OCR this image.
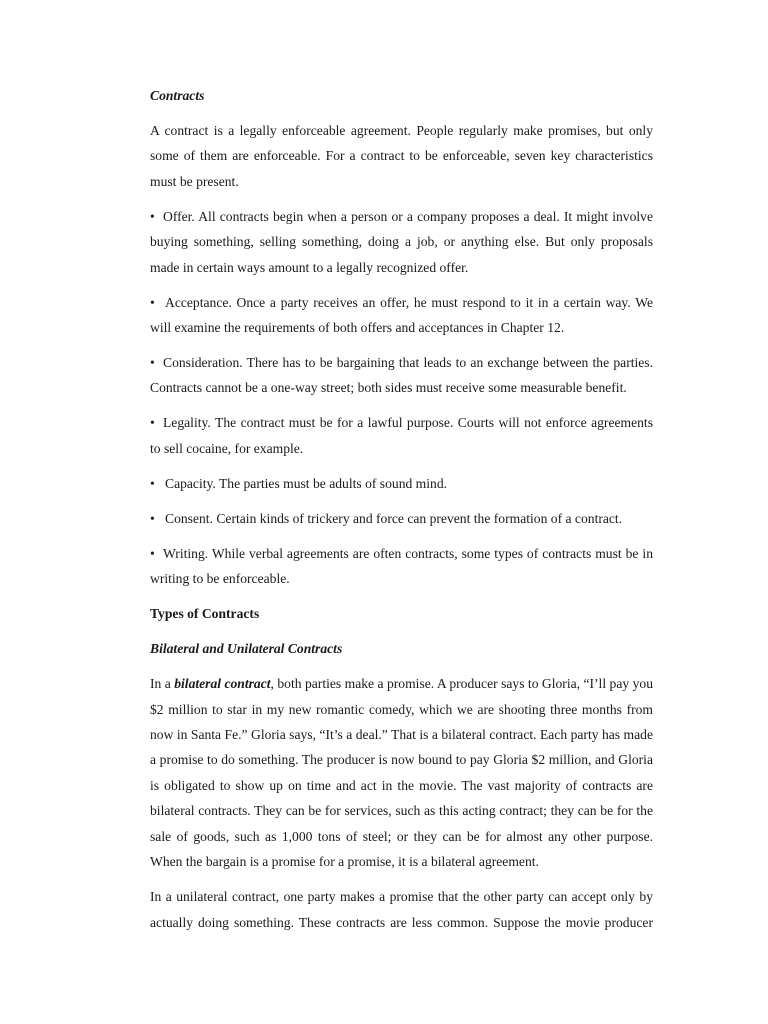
Contracts

A contract is a legally enforceable agreement. People regularly make promises, but only some of them are enforceable. For a contract to be enforceable, seven key characteristics must be present.

• Offer. All contracts begin when a person or a company proposes a deal. It might involve buying something, selling something, doing a job, or anything else. But only proposals made in certain ways amount to a legally recognized offer.

• Acceptance. Once a party receives an offer, he must respond to it in a certain way. We will examine the requirements of both offers and acceptances in Chapter 12.

• Consideration. There has to be bargaining that leads to an exchange between the parties. Contracts cannot be a one-way street; both sides must receive some measurable benefit.

• Legality. The contract must be for a lawful purpose. Courts will not enforce agreements to sell cocaine, for example.

• Capacity. The parties must be adults of sound mind.

• Consent. Certain kinds of trickery and force can prevent the formation of a contract.

• Writing. While verbal agreements are often contracts, some types of contracts must be in writing to be enforceable.

Types of Contracts

Bilateral and Unilateral Contracts

In a bilateral contract, both parties make a promise. A producer says to Gloria, “I’ll pay you $2 million to star in my new romantic comedy, which we are shooting three months from now in Santa Fe.” Gloria says, “It’s a deal.” That is a bilateral contract. Each party has made a promise to do something. The producer is now bound to pay Gloria $2 million, and Gloria is obligated to show up on time and act in the movie. The vast majority of contracts are bilateral contracts. They can be for services, such as this acting contract; they can be for the sale of goods, such as 1,000 tons of steel; or they can be for almost any other purpose. When the bargain is a promise for a promise, it is a bilateral agreement.

In a unilateral contract, one party makes a promise that the other party can accept only by actually doing something. These contracts are less common. Suppose the movie producer
